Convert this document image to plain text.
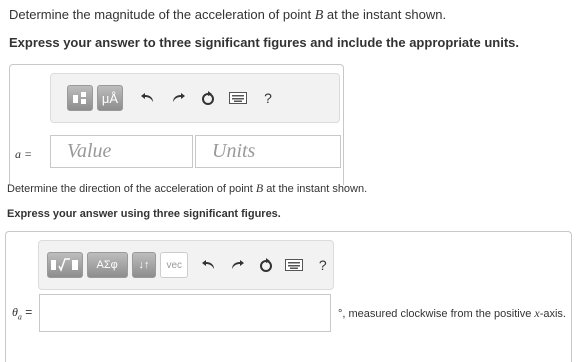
Determine the magnitude of the acceleration of point B at the instant shown.
Express your answer to three significant figures and include the appropriate units.
μÅ	?
a = Value	Units
Determine the direction of the acceleration of point B at the instant shown.
Express your answer using three significant figures.
ΑΣφ ↓↑ vec	?
$\theta_a$ =	°, measured clockwise from the positive x-axis.
